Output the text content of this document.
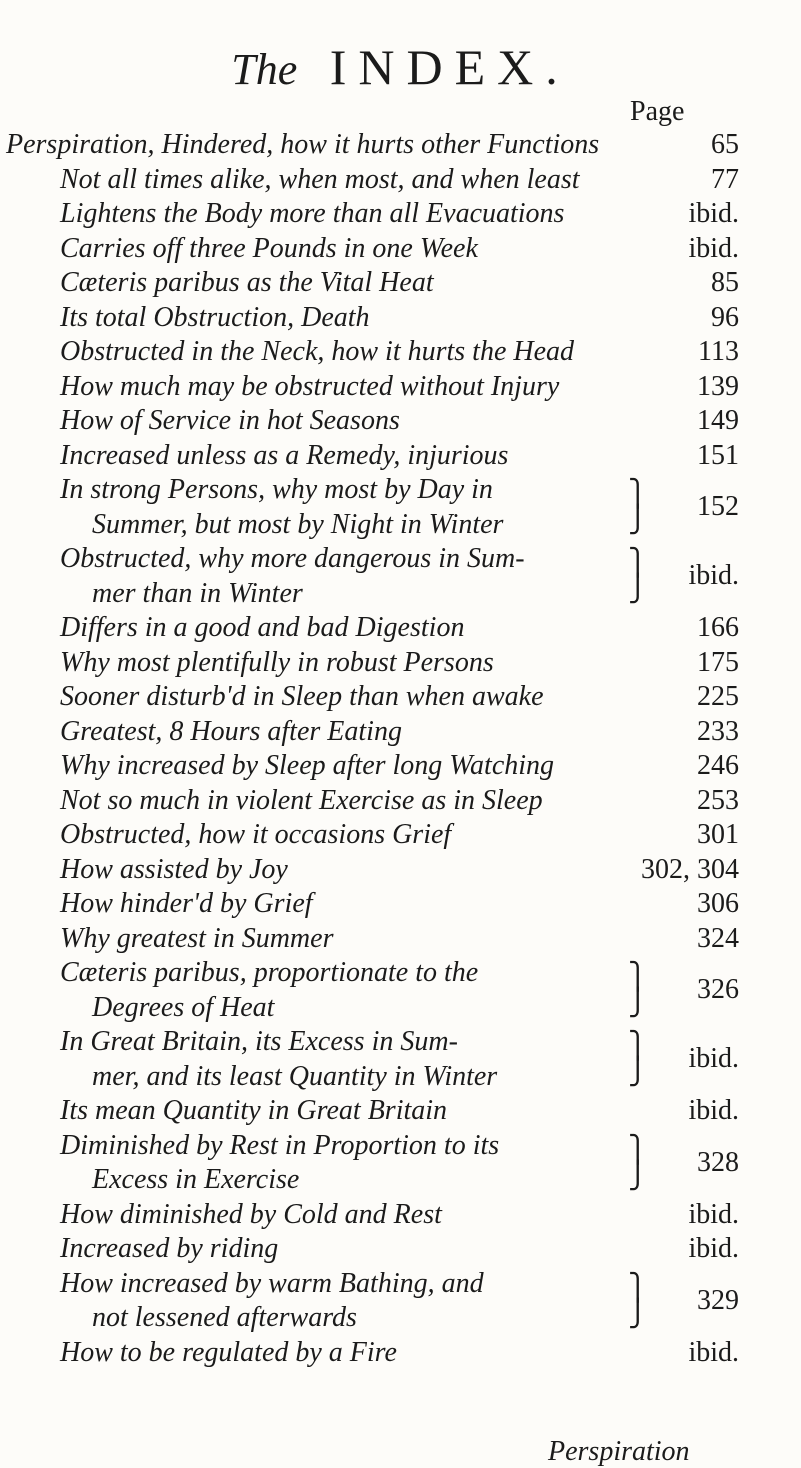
The INDEX.
Page
Perspiration, Hindered, how it hurts other Functions	65
Not all times alike, when most, and when least	77
Lightens the Body more than all Evacuations	ibid.
Carries off three Pounds in one Week	ibid.
Cæteris paribus as the Vital Heat	85
Its total Obstruction, Death	96
Obstructed in the Neck, how it hurts the Head	113
How much may be obstructed without Injury	139
How of Service in hot Seasons	149
Increased unless as a Remedy, injurious	151
In strong Persons, why most by Day in
Summer, but most by Night in Winter
⎫
⎭ 152
Obstructed, why more dangerous in Sum-
mer than in Winter
⎫
⎭ ibid.
Differs in a good and bad Digestion	166
Why most plentifully in robust Persons	175
Sooner disturb'd in Sleep than when awake	225
Greatest, 8 Hours after Eating	233
Why increased by Sleep after long Watching	246
Not so much in violent Exercise as in Sleep	253
Obstructed, how it occasions Grief	301
How assisted by Joy	302, 304
How hinder'd by Grief	306
Why greatest in Summer	324
Cæteris paribus, proportionate to the
Degrees of Heat
⎫
⎭ 326
In Great Britain, its Excess in Sum-
mer, and its least Quantity in Winter
⎫
⎭ ibid.
Its mean Quantity in Great Britain	ibid.
Diminished by Rest in Proportion to its
Excess in Exercise
⎫
⎭ 328
How diminished by Cold and Rest	ibid.
Increased by riding	ibid.
How increased by warm Bathing, and
not lessened afterwards
⎫
⎭ 329
How to be regulated by a Fire	ibid.
Perspiration
